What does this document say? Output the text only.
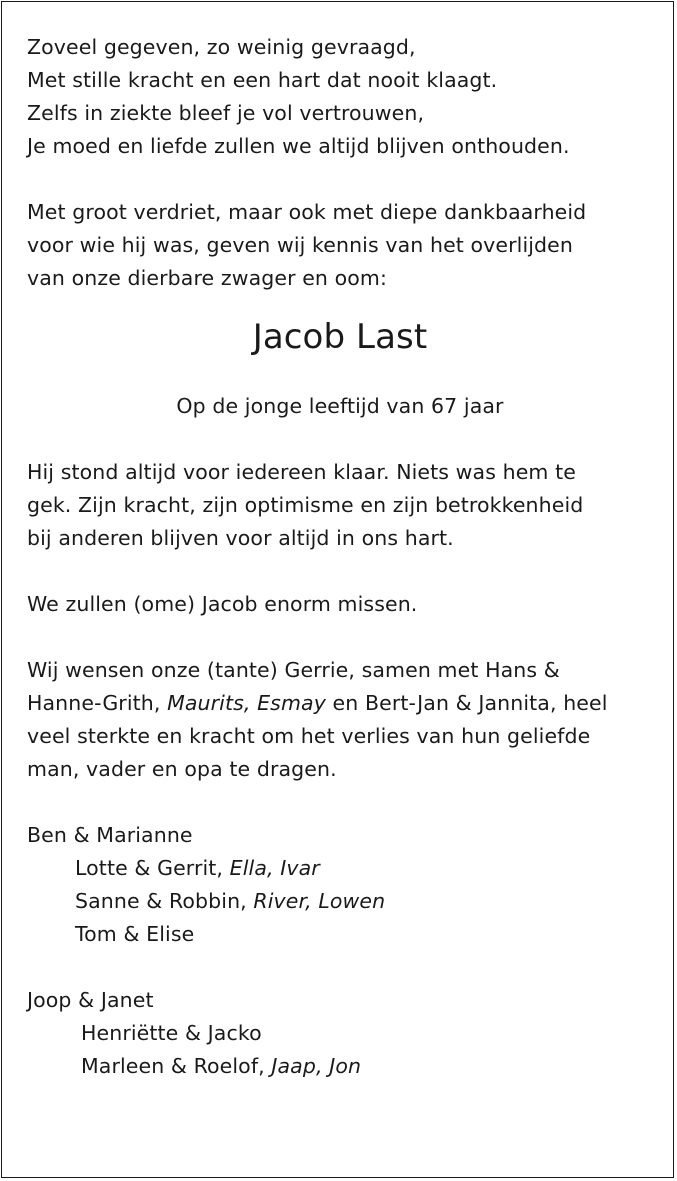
Zoveel gegeven, zo weinig gevraagd,
Met stille kracht en een hart dat nooit klaagt.
Zelfs in ziekte bleef je vol vertrouwen,
Je moed en liefde zullen we altijd blijven onthouden.
Met groot verdriet, maar ook met diepe dankbaarheid
voor wie hij was, geven wij kennis van het overlijden
van onze dierbare zwager en oom:
Jacob Last
Op de jonge leeftijd van 67 jaar
Hij stond altijd voor iedereen klaar. Niets was hem te
gek. Zijn kracht, zijn optimisme en zijn betrokkenheid
bij anderen blijven voor altijd in ons hart.
We zullen (ome) Jacob enorm missen.
Wij wensen onze (tante) Gerrie, samen met Hans &
Hanne-Grith, Maurits, Esmay en Bert-Jan & Jannita, heel
veel sterkte en kracht om het verlies van hun geliefde
man, vader en opa te dragen.
Ben & Marianne
Lotte & Gerrit, Ella, Ivar
Sanne & Robbin, River, Lowen
Tom & Elise
Joop & Janet
Henriëtte & Jacko
Marleen & Roelof, Jaap, Jon
